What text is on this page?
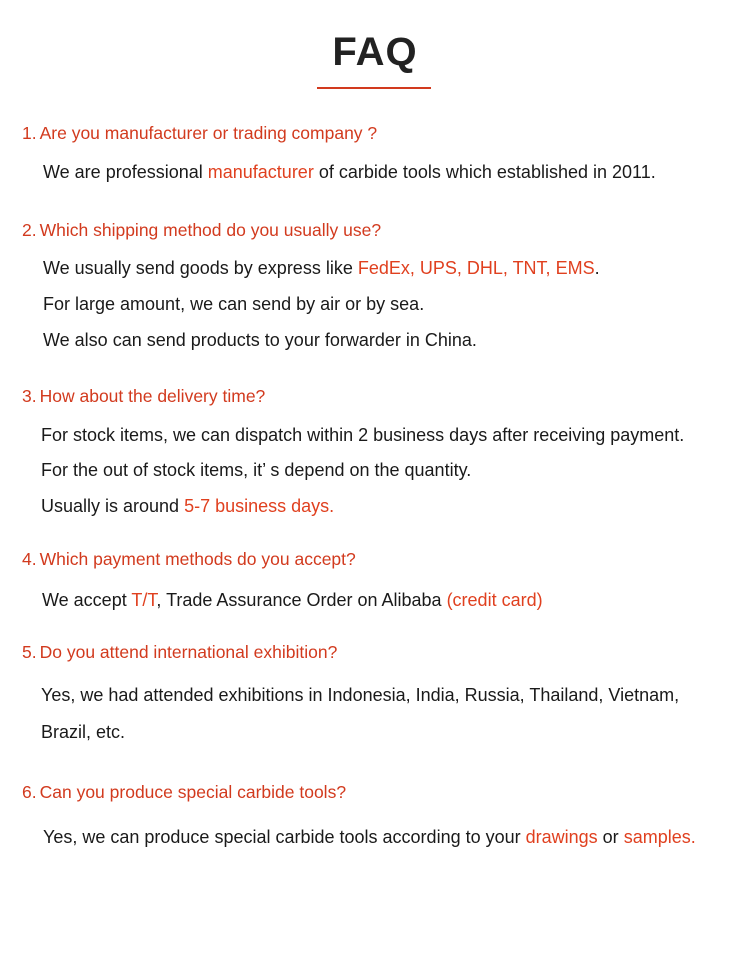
FAQ
1. Are you manufacturer or trading company ?
We are professional manufacturer of carbide tools which established in 2011.
2. Which shipping method do you usually use?
We usually send goods by express like FedEx, UPS, DHL, TNT, EMS.
For large amount, we can send by air or by sea.
We also can send products to your forwarder in China.
3. How about the delivery time?
For stock items, we can dispatch within 2 business days after receiving payment.
For the out of stock items, it’ s depend on the quantity.
Usually is around 5-7 business days.
4. Which payment methods do you accept?
We accept T/T, Trade Assurance Order on Alibaba (credit card)
5. Do you attend international exhibition?
Yes, we had attended exhibitions in Indonesia, India, Russia, Thailand, Vietnam,
Brazil, etc.
6. Can you produce special carbide tools?
Yes, we can produce special carbide tools according to your drawings or samples.
